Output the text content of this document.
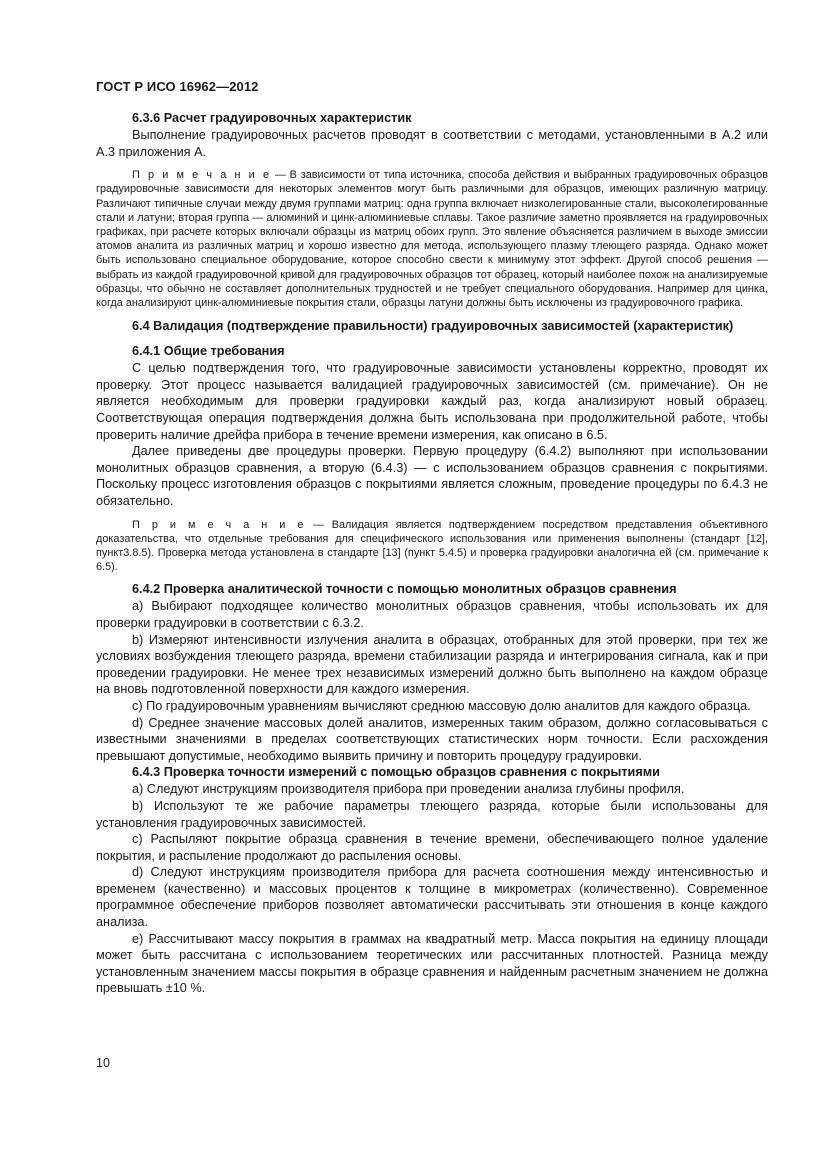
ГОСТ Р ИСО 16962—2012
6.3.6 Расчет градуировочных характеристик

Выполнение градуировочных расчетов проводят в соответствии с методами, установленными в А.2 или А.3 приложения А.

П р и м е ч а н и е — В зависимости от типа источника, способа действия и выбранных градуировочных образцов градуировочные зависимости для некоторых элементов могут быть различными для образцов, имеющих различную матрицу. Различают типичные случаи между двумя группами матриц: одна группа включает низколегированные стали, высоколегированные стали и латуни; вторая группа — алюминий и цинк-алюминиевые сплавы. Такое различие заметно проявляется на градуировочных графиках, при расчете которых включали образцы из матриц обоих групп. Это явление объясняется различием в выходе эмиссии атомов аналита из различных матриц и хорошо известно для метода, использующего плазму тлеющего разряда. Однако может быть использовано специальное оборудование, которое способно свести к минимуму этот эффект. Другой способ решения — выбрать из каждой градуировочной кривой для градуировочных образцов тот образец, который наиболее похож на анализируемые образцы, что обычно не составляет дополнительных трудностей и не требует специального оборудования. Например для цинка, когда анализируют цинк-алюминиевые покрытия стали, образцы латуни должны быть исключены из градуировочного графика.
6.4 Валидация (подтверждение правильности) градуировочных зависимостей (характеристик)
6.4.1 Общие требования

С целью подтверждения того, что градуировочные зависимости установлены корректно, проводят их проверку. Этот процесс называется валидацией градуировочных зависимостей (см. примечание). Он не является необходимым для проверки градуировки каждый раз, когда анализируют новый образец. Соответствующая операция подтверждения должна быть использована при продолжительной работе, чтобы проверить наличие дрейфа прибора в течение времени измерения, как описано в 6.5.

Далее приведены две процедуры проверки. Первую процедуру (6.4.2) выполняют при использовании монолитных образцов сравнения, а вторую (6.4.3) — с использованием образцов сравнения с покрытиями. Поскольку процесс изготовления образцов с покрытиями является сложным, проведение процедуры по 6.4.3 не обязательно.

П р и м е ч а н и е — Валидация является подтверждением посредством представления объективного доказательства, что отдельные требования для специфического использования или применения выполнены (стандарт [12], пункт3.8.5). Проверка метода установлена в стандарте [13] (пункт 5.4.5) и проверка градуировки аналогична ей (см. примечание к 6.5).
6.4.2 Проверка аналитической точности с помощью монолитных образцов сравнения

a) Выбирают подходящее количество монолитных образцов сравнения, чтобы использовать их для проверки градуировки в соответствии с 6.3.2.

b) Измеряют интенсивности излучения аналита в образцах, отобранных для этой проверки, при тех же условиях возбуждения тлеющего разряда, времени стабилизации разряда и интегрирования сигнала, как и при проведении градуировки. Не менее трех независимых измерений должно быть выполнено на каждом образце на вновь подготовленной поверхности для каждого измерения.

c) По градуировочным уравнениям вычисляют среднюю массовую долю аналитов для каждого образца.

d) Среднее значение массовых долей аналитов, измеренных таким образом, должно согласовываться с известными значениями в пределах соответствующих статистических норм точности. Если расхождения превышают допустимые, необходимо выявить причину и повторить процедуру градуировки.

6.4.3 Проверка точности измерений с помощью образцов сравнения с покрытиями

a) Следуют инструкциям производителя прибора при проведении анализа глубины профиля.

b) Используют те же рабочие параметры тлеющего разряда, которые были использованы для установления градуировочных зависимостей.

c) Распыляют покрытие образца сравнения в течение времени, обеспечивающего полное удаление покрытия, и распыление продолжают до распыления основы.

d) Следуют инструкциям производителя прибора для расчета соотношения между интенсивностью и временем (качественно) и массовых процентов к толщине в микрометрах (количественно). Современное программное обеспечение приборов позволяет автоматически рассчитывать эти отношения в конце каждого анализа.

e) Рассчитывают массу покрытия в граммах на квадратный метр. Масса покрытия на единицу площади может быть рассчитана с использованием теоретических или рассчитанных плотностей. Разница между установленным значением массы покрытия в образце сравнения и найденным расчетным значением не должна превышать ±10 %.

10
